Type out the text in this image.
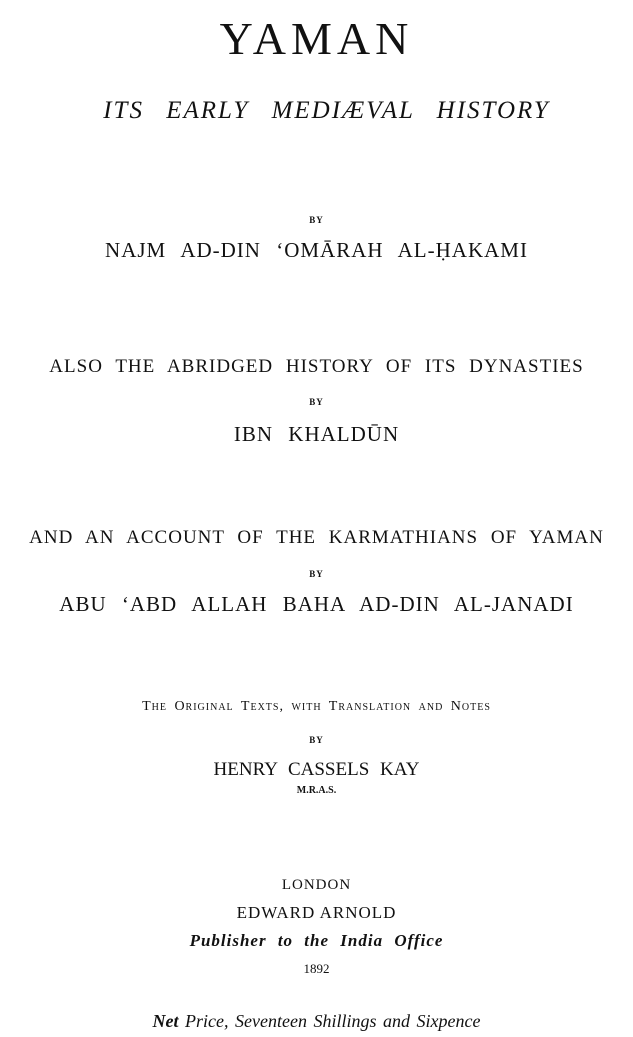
YAMAN
ITS EARLY MEDIÆVAL HISTORY
BY
NAJM AD-DIN ‘OMĀRAH AL-ḤAKAMI
ALSO THE ABRIDGED HISTORY OF ITS DYNASTIES
BY
IBN KHALDŪN
AND AN ACCOUNT OF THE KARMATHIANS OF YAMAN
BY
ABU ‘ABD ALLAH BAHA AD-DIN AL-JANADI
The Original Texts, with Translation and Notes
BY
HENRY CASSELS KAY
M.R.A.S.
LONDON
EDWARD ARNOLD
Publisher to the India Office
1892
Net Price, Seventeen Shillings and Sixpence
